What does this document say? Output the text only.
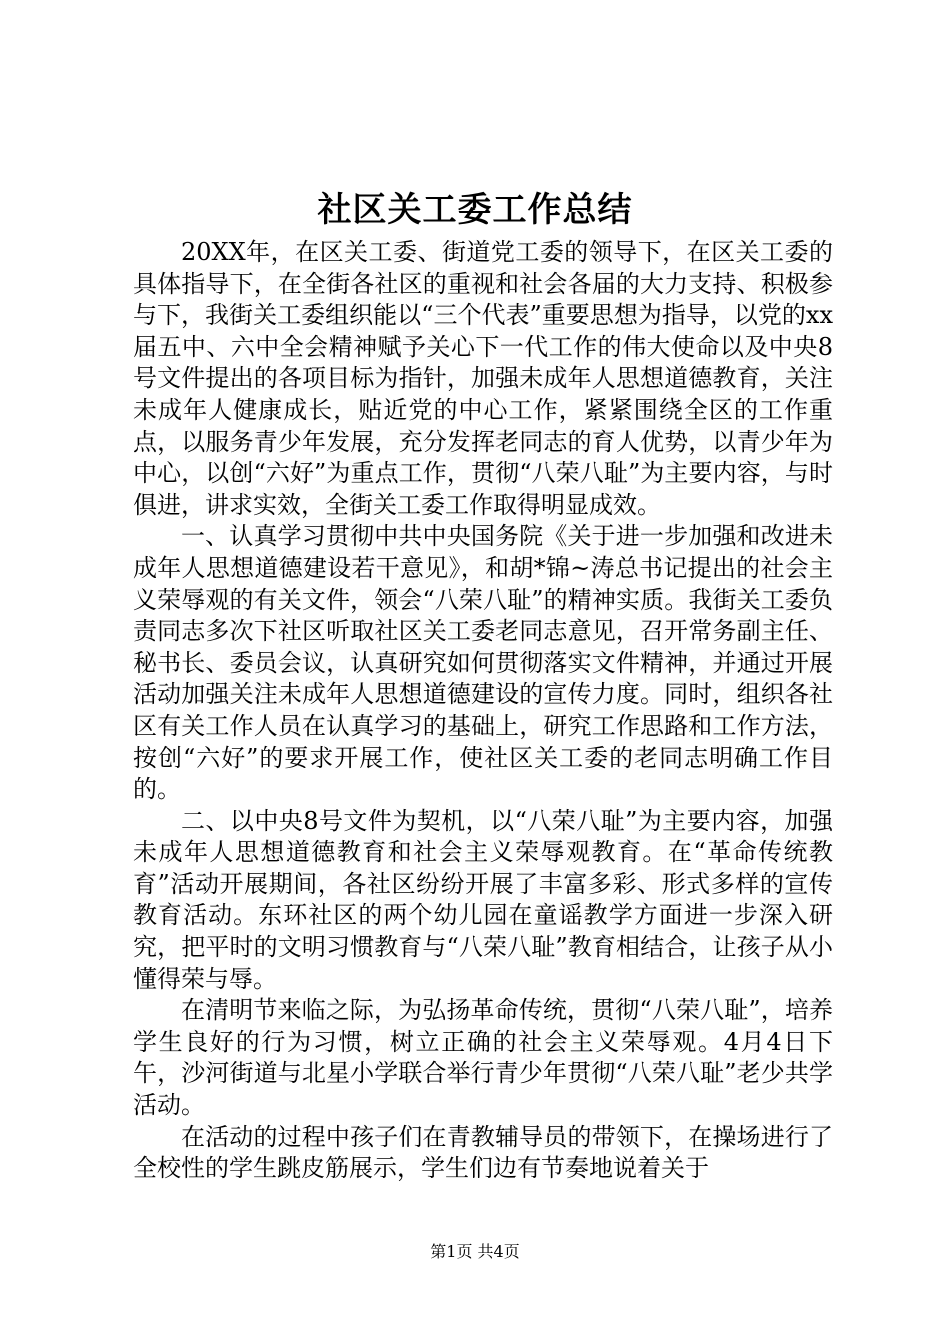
社区关工委工作总结

20XX年，在区关工委、街道党工委的领导下，在区关工委的具体指导下，在全街各社区的重视和社会各届的大力支持、积极参与下，我街关工委组织能以“三个代表”重要思想为指导，以党的xx届五中、六中全会精神赋予关心下一代工作的伟大使命以及中央8号文件提出的各项目标为指针，加强未成年人思想道德教育，关注未成年人健康成长，贴近党的中心工作，紧紧围绕全区的工作重点，以服务青少年发展，充分发挥老同志的育人优势，以青少年为中心，以创“六好”为重点工作，贯彻“八荣八耻”为主要内容，与时俱进，讲求实效，全街关工委工作取得明显成效。

一、认真学习贯彻中共中央国务院《关于进一步加强和改进未成年人思想道德建设若干意见》，和胡*锦~涛总书记提出的社会主义荣辱观的有关文件，领会“八荣八耻”的精神实质。我街关工委负责同志多次下社区听取社区关工委老同志意见，召开常务副主任、秘书长、委员会议，认真研究如何贯彻落实文件精神，并通过开展活动加强关注未成年人思想道德建设的宣传力度。同时，组织各社区有关工作人员在认真学习的基础上，研究工作思路和工作方法，按创“六好”的要求开展工作，使社区关工委的老同志明确工作目的。

二、以中央8号文件为契机，以“八荣八耻”为主要内容，加强未成年人思想道德教育和社会主义荣辱观教育。在“革命传统教育”活动开展期间，各社区纷纷开展了丰富多彩、形式多样的宣传教育活动。东环社区的两个幼儿园在童谣教学方面进一步深入研究，把平时的文明习惯教育与“八荣八耻”教育相结合，让孩子从小懂得荣与辱。

在清明节来临之际，为弘扬革命传统，贯彻“八荣八耻”，培养学生良好的行为习惯，树立正确的社会主义荣辱观。4月4日下午，沙河街道与北星小学联合举行青少年贯彻“八荣八耻”老少共学活动。

在活动的过程中孩子们在青教辅导员的带领下，在操场进行了全校性的学生跳皮筋展示，学生们边有节奏地说着关于

第1页 共4页
